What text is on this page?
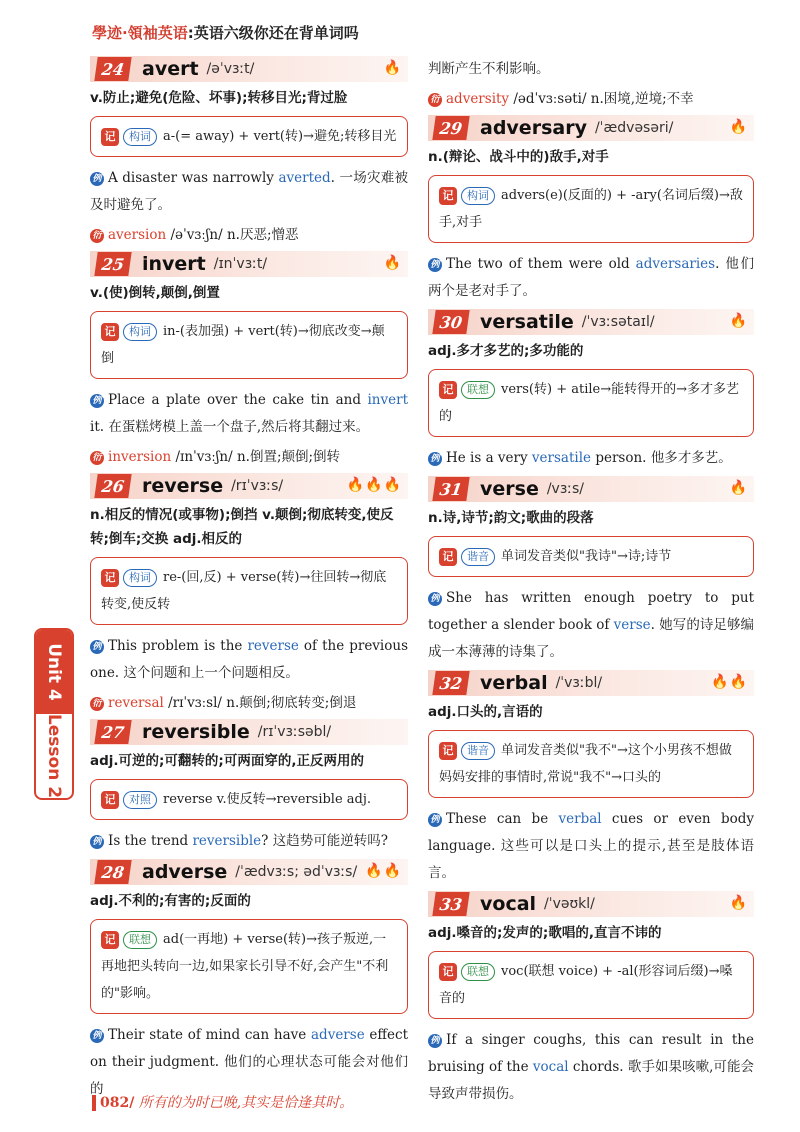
學迹·領袖英语:英语六级你还在背单词吗
24 avert /əˈvɜːt/	🔥
v.防止;避免(危险、坏事);转移目光;背过脸
记 构词 a-(= away) + vert(转)→避免;转移目光
例 A disaster was narrowly averted. 一场灾难被及时避免了。
衍 aversion /əˈvɜːʃn/ n.厌恶;憎恶
25 invert /ɪnˈvɜːt/	🔥
v.(使)倒转,颠倒,倒置
记 构词 in-(表加强) + vert(转)→彻底改变→颠倒
例 Place a plate over the cake tin and invert it. 在蛋糕烤模上盖一个盘子,然后将其翻过来。
衍 inversion /ɪnˈvɜːʃn/ n.倒置;颠倒;倒转
26 reverse /rɪˈvɜːs/	🔥🔥🔥
n.相反的情况(或事物);倒挡 v.颠倒;彻底转变,使反转;倒车;交换 adj.相反的
记 构词 re-(回,反) + verse(转)→往回转→彻底转变,使反转
例 This problem is the reverse of the previous one. 这个问题和上一个问题相反。
衍 reversal /rɪˈvɜːsl/ n.颠倒;彻底转变;倒退
27 reversible /rɪˈvɜːsəbl/
adj.可逆的;可翻转的;可两面穿的,正反两用的
记 对照 reverse v.使反转→reversible adj.
例 Is the trend reversible? 这趋势可能逆转吗?
28 adverse /ˈædvɜːs; ədˈvɜːs/ 🔥🔥
adj.不利的;有害的;反面的
记 联想 ad(一再地) + verse(转)→孩子叛逆,一再地把头转向一边,如果家长引导不好,会产生"不利的"影响。
例 Their state of mind can have adverse effect on their judgment. 他们的心理状态可能会对他们的
判断产生不利影响。
衍 adversity /ədˈvɜːsəti/ n.困境,逆境;不幸
29 adversary /ˈædvəsəri/	🔥
n.(辩论、战斗中的)敌手,对手
记 构词 advers(e)(反面的) + -ary(名词后缀)→敌手,对手
例 The two of them were old adversaries. 他们两个是老对手了。
30 versatile /ˈvɜːsətaɪl/	🔥
adj.多才多艺的;多功能的
记 联想 vers(转) + atile→能转得开的→多才多艺的
例 He is a very versatile person. 他多才多艺。
31 verse /vɜːs/	🔥
n.诗,诗节;韵文;歌曲的段落
记 谐音 单词发音类似"我诗"→诗;诗节
例 She has written enough poetry to put together a slender book of verse. 她写的诗足够编成一本薄薄的诗集了。
32 verbal /ˈvɜːbl/	🔥🔥
adj.口头的,言语的
记 谐音 单词发音类似"我不"→这个小男孩不想做妈妈安排的事情时,常说"我不"→口头的
例 These can be verbal cues or even body language. 这些可以是口头上的提示,甚至是肢体语言。
33 vocal /ˈvəʊkl/	🔥
adj.嗓音的;发声的;歌唱的,直言不讳的
记 联想 voc(联想 voice) + -al(形容词后缀)→嗓音的
例 If a singer coughs, this can result in the bruising of the vocal chords. 歌手如果咳嗽,可能会导致声带损伤。
Unit 4
Lesson 2
082/ 所有的为时已晚,其实是恰逢其时。
